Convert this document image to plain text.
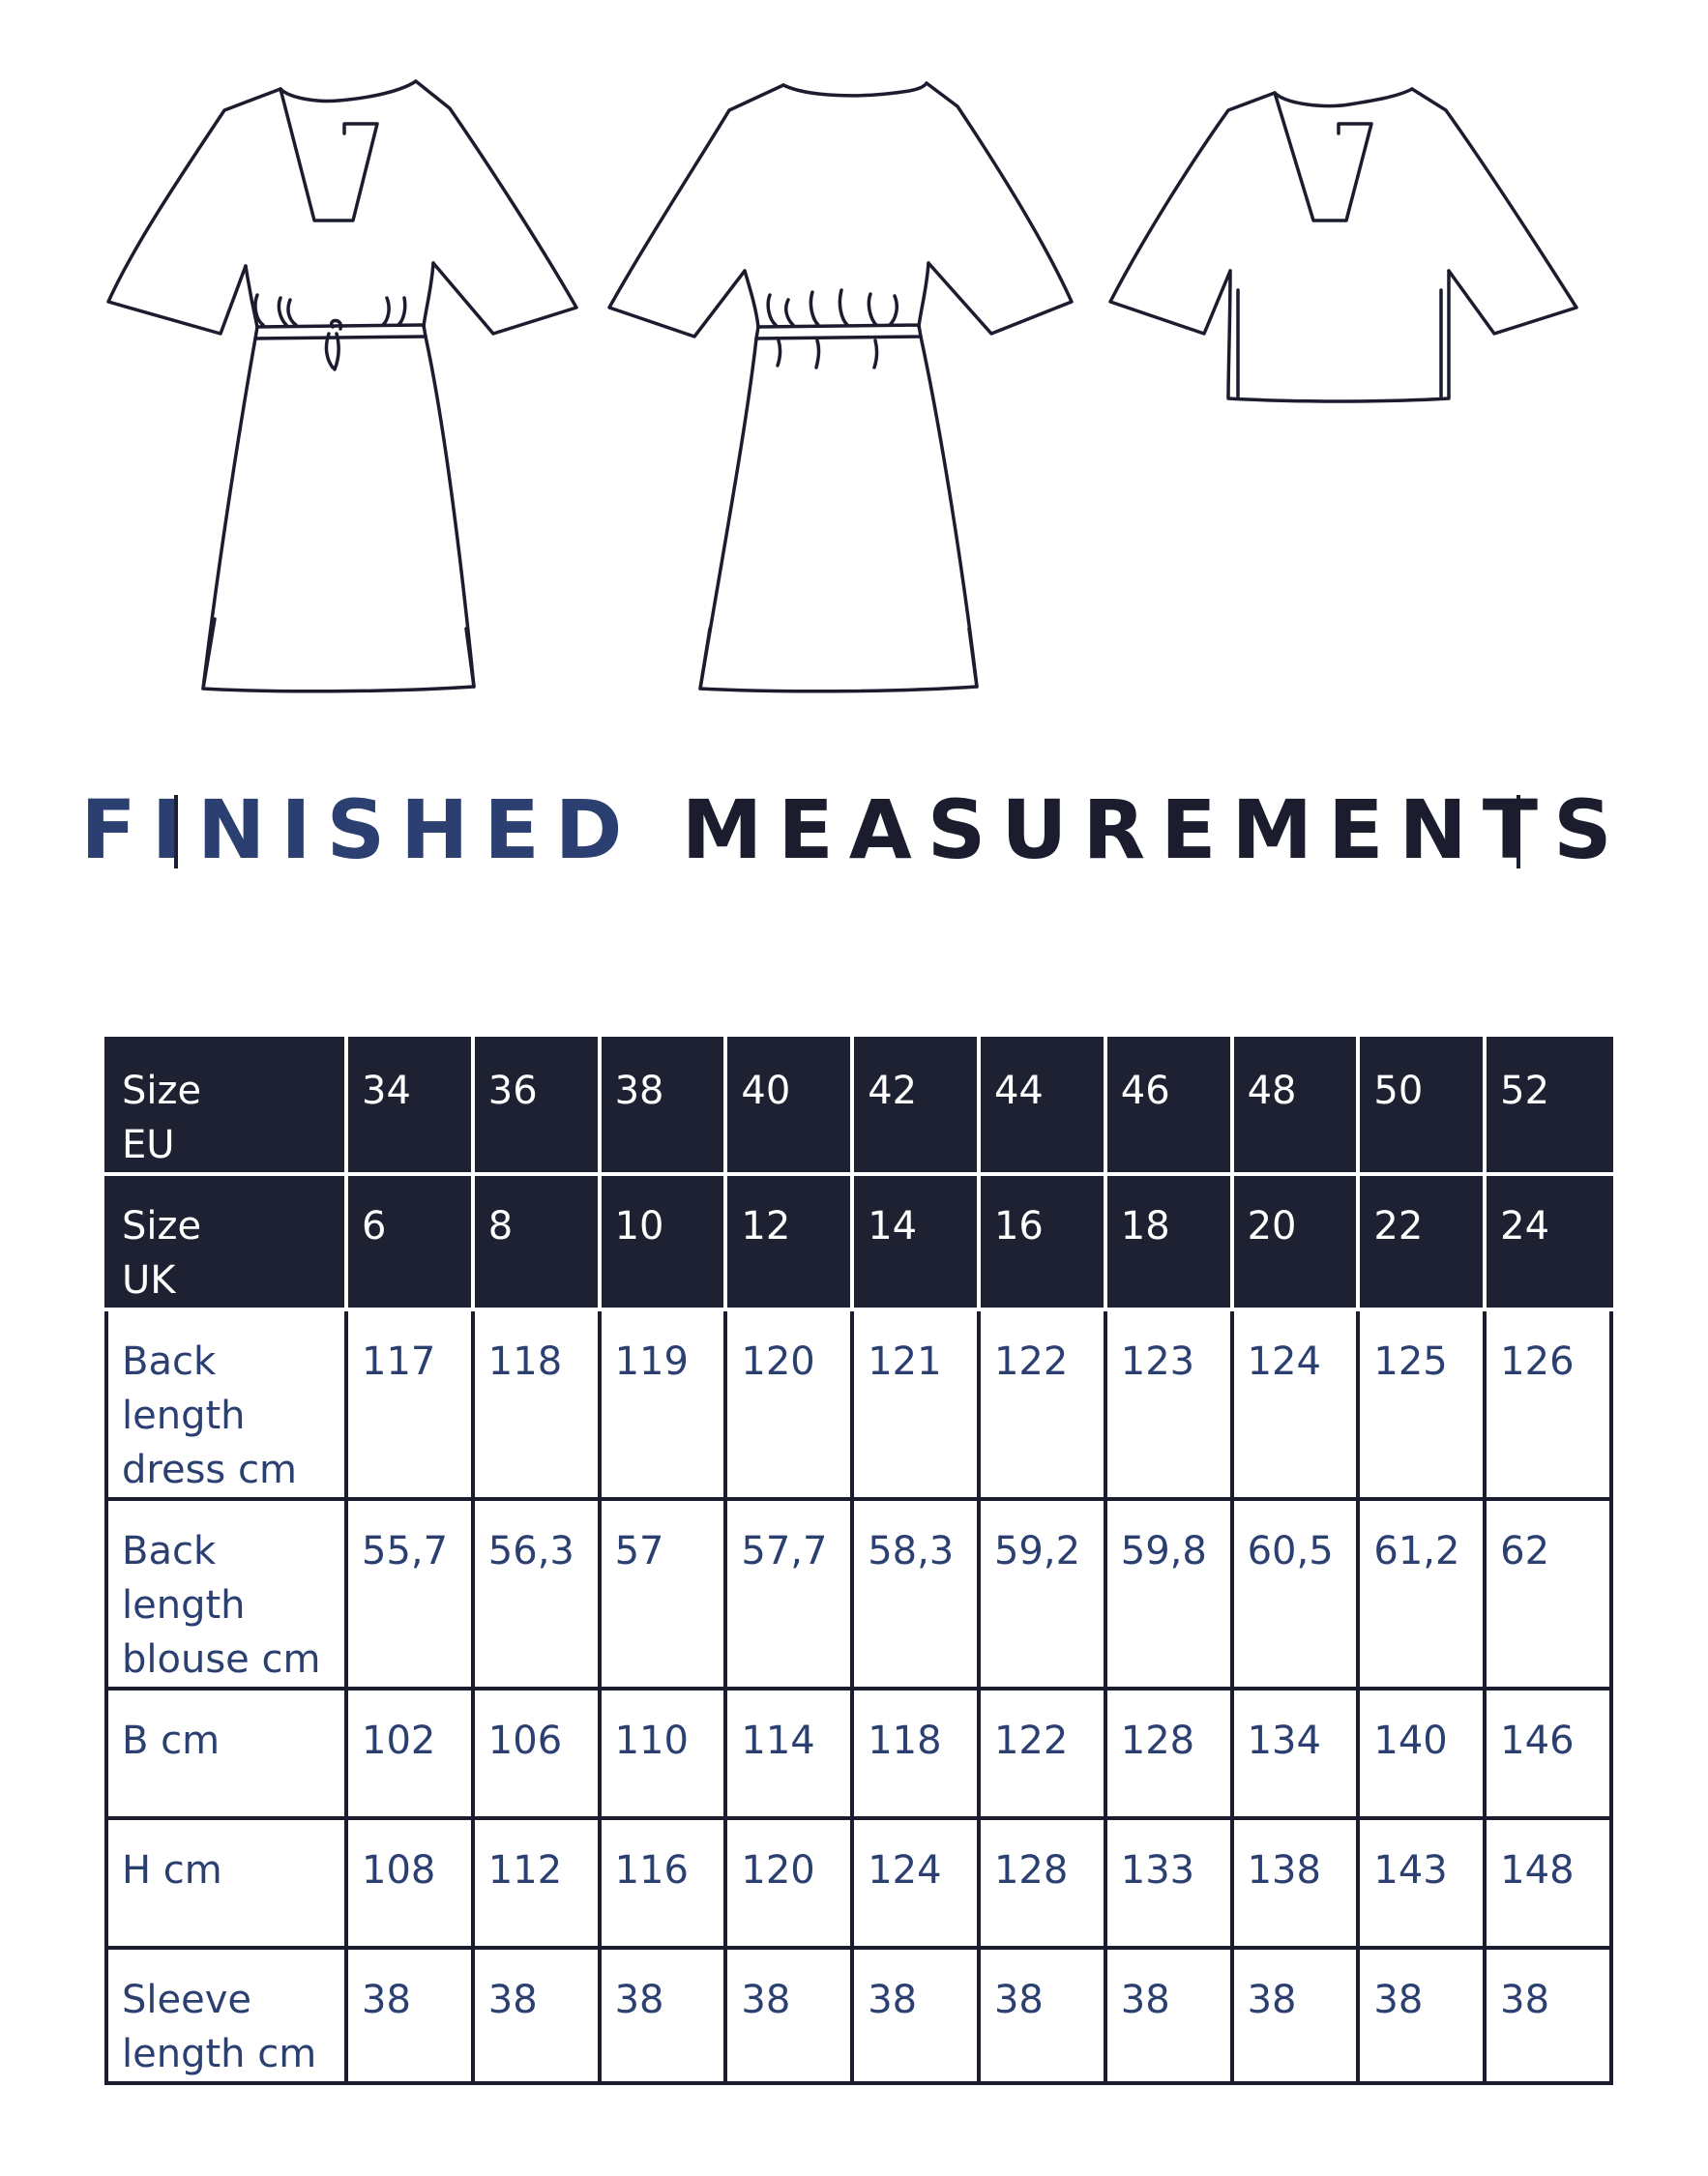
FINISHED MEASUREMENTS
Size
EU	34	36	38	40	42	44	46	48	50	52
Size
UK	6	8	10	12	14	16	18	20	22	24
Back
length
dress cm	117	118	119	120	121	122	123	124	125	126
Back
length
blouse cm	55,7	56,3	57	57,7	58,3	59,2	59,8	60,5	61,2	62
B cm	102	106	110	114	118	122	128	134	140	146
H cm	108	112	116	120	124	128	133	138	143	148
Sleeve
length cm	38	38	38	38	38	38	38	38	38	38
